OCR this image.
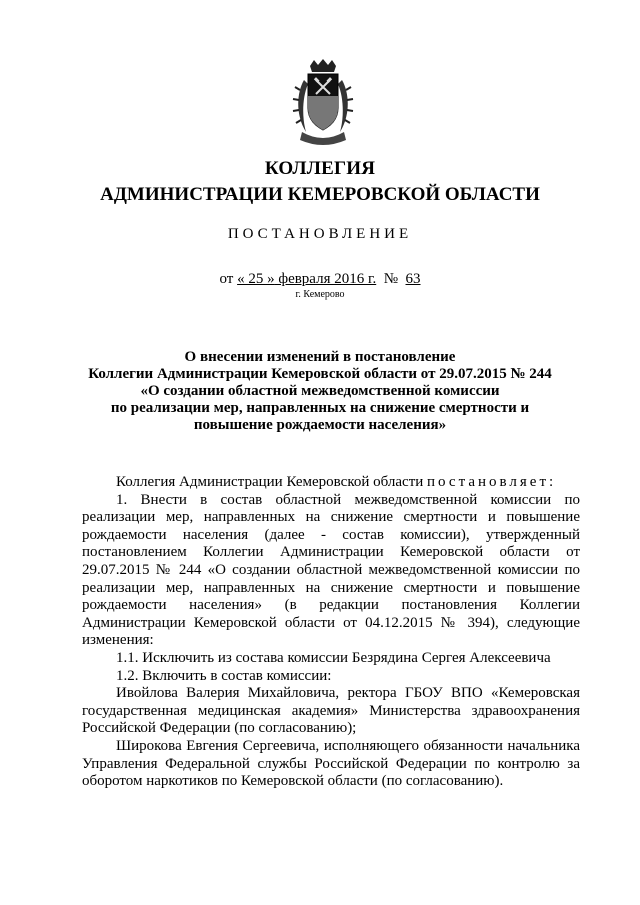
КОЛЛЕГИЯ
АДМИНИСТРАЦИИ КЕМЕРОВСКОЙ ОБЛАСТИ
ПОСТАНОВЛЕНИЕ
от « 25 » февраля 2016 г.  №  63
г. Кемерово
О внесении изменений в постановление
Коллегии Администрации Кемеровской области от 29.07.2015 № 244
«О создании областной межведомственной комиссии
по реализации мер, направленных на снижение смертности и
повышение рождаемости населения»

Коллегия Администрации Кемеровской области постановляет:

1. Внести в состав областной межведомственной комиссии по реализации мер, направленных на снижение смертности и повышение рождаемости населения (далее - состав комиссии), утвержденный постановлением Коллегии Администрации Кемеровской области от 29.07.2015 № 244 «О создании областной межведомственной комиссии по реализации мер, направленных на снижение смертности и повышение рождаемости населения» (в редакции постановления Коллегии Администрации Кемеровской области от 04.12.2015 № 394), следующие изменения:

1.1. Исключить из состава комиссии Безрядина Сергея Алексеевича

1.2. Включить в состав комиссии:

Ивойлова Валерия Михайловича, ректора ГБОУ ВПО «Кемеровская государственная медицинская академия» Министерства здравоохранения Российской Федерации (по согласованию);

Широкова Евгения Сергеевича, исполняющего обязанности начальника Управления Федеральной службы Российской Федерации по контролю за оборотом наркотиков по Кемеровской области (по согласованию).
